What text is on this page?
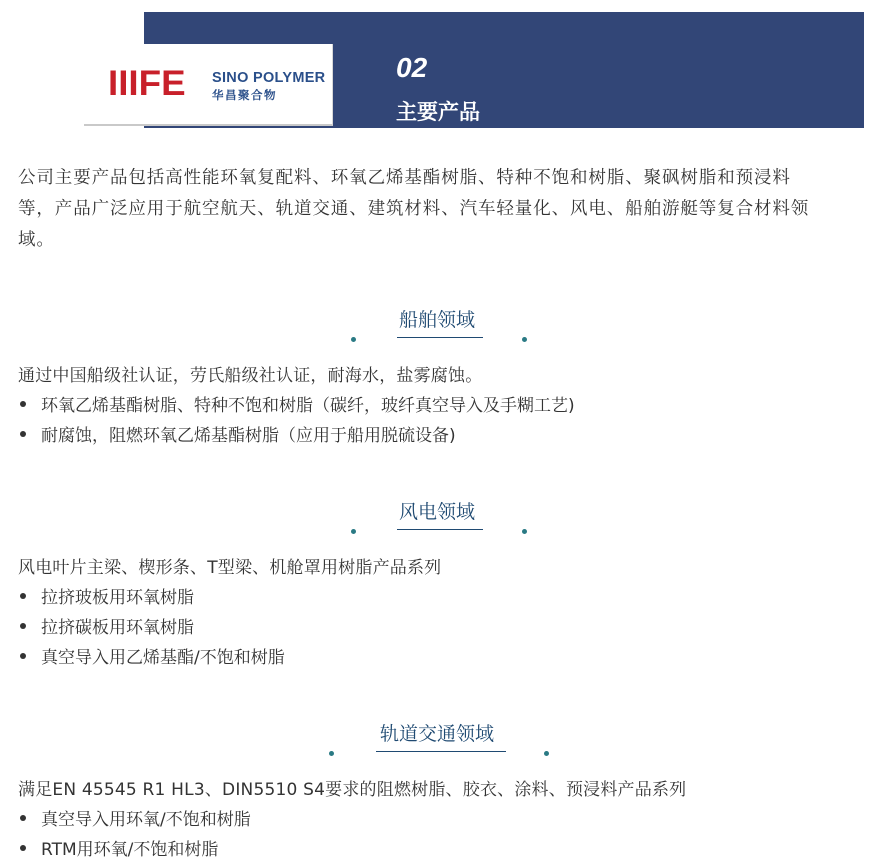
IIIFE SINO POLYMER
华昌聚合物
02
主要产品
公司主要产品包括高性能环氧复配料、环氧乙烯基酯树脂、特种不饱和树脂、聚砜树脂和预浸料
等，产品广泛应用于航空航天、轨道交通、建筑材料、汽车轻量化、风电、船舶游艇等复合材料领
域。
船舶领域
通过中国船级社认证，劳氏船级社认证，耐海水，盐雾腐蚀。
环氧乙烯基酯树脂、特种不饱和树脂（碳纤，玻纤真空导入及手糊工艺)
耐腐蚀，阻燃环氧乙烯基酯树脂（应用于船用脱硫设备)
风电领域
风电叶片主梁、楔形条、T型梁、机舱罩用树脂产品系列
拉挤玻板用环氧树脂
拉挤碳板用环氧树脂
真空导入用乙烯基酯/不饱和树脂
轨道交通领域
满足EN 45545 R1 HL3、DIN5510 S4要求的阻燃树脂、胶衣、涂料、预浸料产品系列
真空导入用环氧/不饱和树脂
RTM用环氧/不饱和树脂
